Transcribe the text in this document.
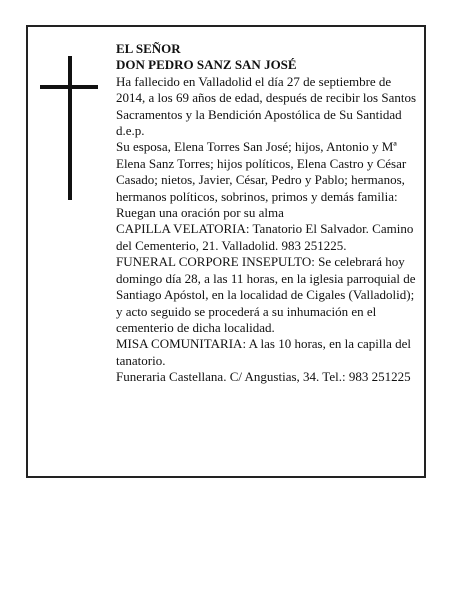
EL SEÑOR

DON PEDRO SANZ SAN JOSÉ

Ha fallecido en Valladolid el día 27 de septiembre de 2014, a los 69 años de edad, después de recibir los Santos Sacramentos y la Bendición Apostólica de Su Santidad

d.e.p.

Su esposa, Elena Torres San José; hijos, Antonio y Mª Elena Sanz Torres; hijos políticos, Elena Castro y César Casado; nietos, Javier, César, Pedro y Pablo; hermanos, hermanos políticos, sobrinos, primos y demás familia:

Ruegan una oración por su alma

CAPILLA VELATORIA: Tanatorio El Salvador. Camino del Cementerio, 21. Valladolid. 983 251225.

FUNERAL CORPORE INSEPULTO: Se celebrará hoy domingo día 28, a las 11 horas, en la iglesia parroquial de Santiago Apóstol, en la localidad de Cigales (Valladolid); y acto seguido se procederá a su inhumación en el cementerio de dicha localidad.

MISA COMUNITARIA: A las 10 horas, en la capilla del tanatorio.

Funeraria Castellana. C/ Angustias, 34. Tel.: 983 251225
